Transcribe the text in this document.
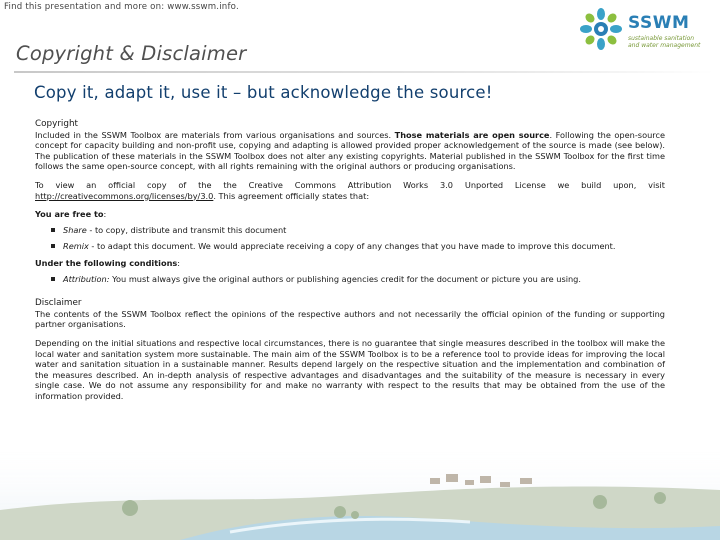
Find this presentation and more on: www.sswm.info.
SSWM
sustainable sanitation
and water management
Copyright & Disclaimer
Copy it, adapt it, use it – but acknowledge the source!

Copyright

Included in the SSWM Toolbox are materials from various organisations and sources. Those materials are open source. Following the open-source concept for capacity building and non-profit use, copying and adapting is allowed provided proper acknowledgement of the source is made (see below). The publication of these materials in the SSWM Toolbox does not alter any existing copyrights. Material published in the SSWM Toolbox for the first time follows the same open-source concept, with all rights remaining with the original authors or producing organisations.

To view an official copy of the the Creative Commons Attribution Works 3.0 Unported License we build upon, visit http://creativecommons.org/licenses/by/3.0. This agreement officially states that:

You are free to:

Share - to copy, distribute and transmit this document
Remix - to adapt this document. We would appreciate receiving a copy of any changes that you have made to improve this document.

Under the following conditions:

Attribution: You must always give the original authors or publishing agencies credit for the document or picture you are using.

Disclaimer

The contents of the SSWM Toolbox reflect the opinions of the respective authors and not necessarily the official opinion of the funding or supporting partner organisations.

Depending on the initial situations and respective local circumstances, there is no guarantee that single measures described in the toolbox will make the local water and sanitation system more sustainable. The main aim of the SSWM Toolbox is to be a reference tool to provide ideas for improving the local water and sanitation situation in a sustainable manner. Results depend largely on the respective situation and the implementation and combination of the measures described. An in-depth analysis of respective advantages and disadvantages and the suitability of the measure is necessary in every single case. We do not assume any responsibility for and make no warranty with respect to the results that may be obtained from the use of the information provided.
